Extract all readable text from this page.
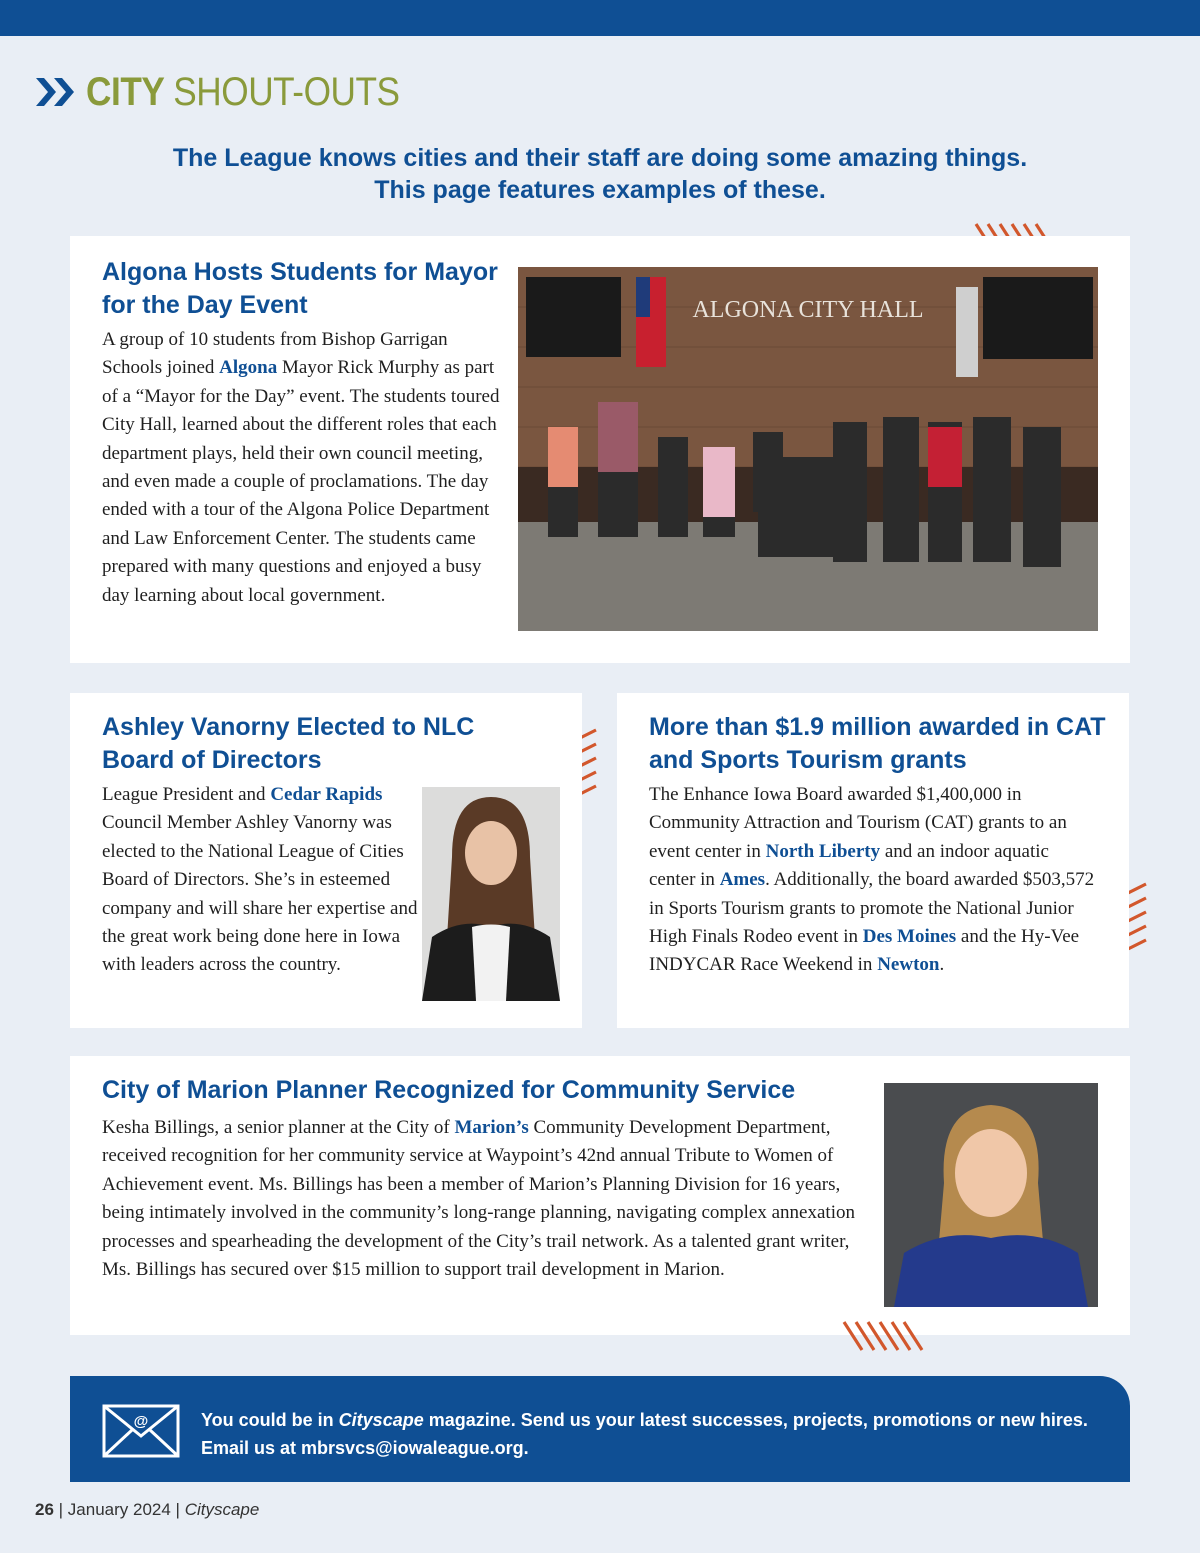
CITY SHOUT-OUTS
The League knows cities and their staff are doing some amazing things.
This page features examples of these.
Algona Hosts Students for Mayor for the Day Event

A group of 10 students from Bishop Garrigan Schools joined Algona Mayor Rick Murphy as part of a “Mayor for the Day” event. The students toured City Hall, learned about the different roles that each department plays, held their own council meeting, and even made a couple of proclamations. The day ended with a tour of the Algona Police Department and Law Enforcement Center. The students came prepared with many questions and enjoyed a busy day learning about local government.

ALGONA CITY HALL
Ashley Vanorny Elected to NLC Board of Directors

League President and Cedar Rapids Council Member Ashley Vanorny was elected to the National League of Cities Board of Directors. She’s in esteemed company and will share her expertise and the great work being done here in Iowa with leaders across the country.

More than $1.9 million awarded in CAT and Sports Tourism grants

The Enhance Iowa Board awarded $1,400,000 in Community Attraction and Tourism (CAT) grants to an event center in North Liberty and an indoor aquatic center in Ames. Additionally, the board awarded $503,572 in Sports Tourism grants to promote the National Junior High Finals Rodeo event in Des Moines and the Hy-Vee INDYCAR Race Weekend in Newton.

City of Marion Planner Recognized for Community Service

Kesha Billings, a senior planner at the City of Marion’s Community Development Department, received recognition for her community service at Waypoint’s 42nd annual Tribute to Women of Achievement event. Ms. Billings has been a member of Marion’s Planning Division for 16 years, being intimately involved in the community’s long-range planning, navigating complex annexation processes and spearheading the development of the City’s trail network. As a talented grant writer, Ms. Billings has secured over $15 million to support trail development in Marion.

@	You could be in Cityscape magazine. Send us your latest successes, projects, promotions or new hires.
Email us at mbrsvcs@iowaleague.org.
26 | January 2024 | Cityscape
